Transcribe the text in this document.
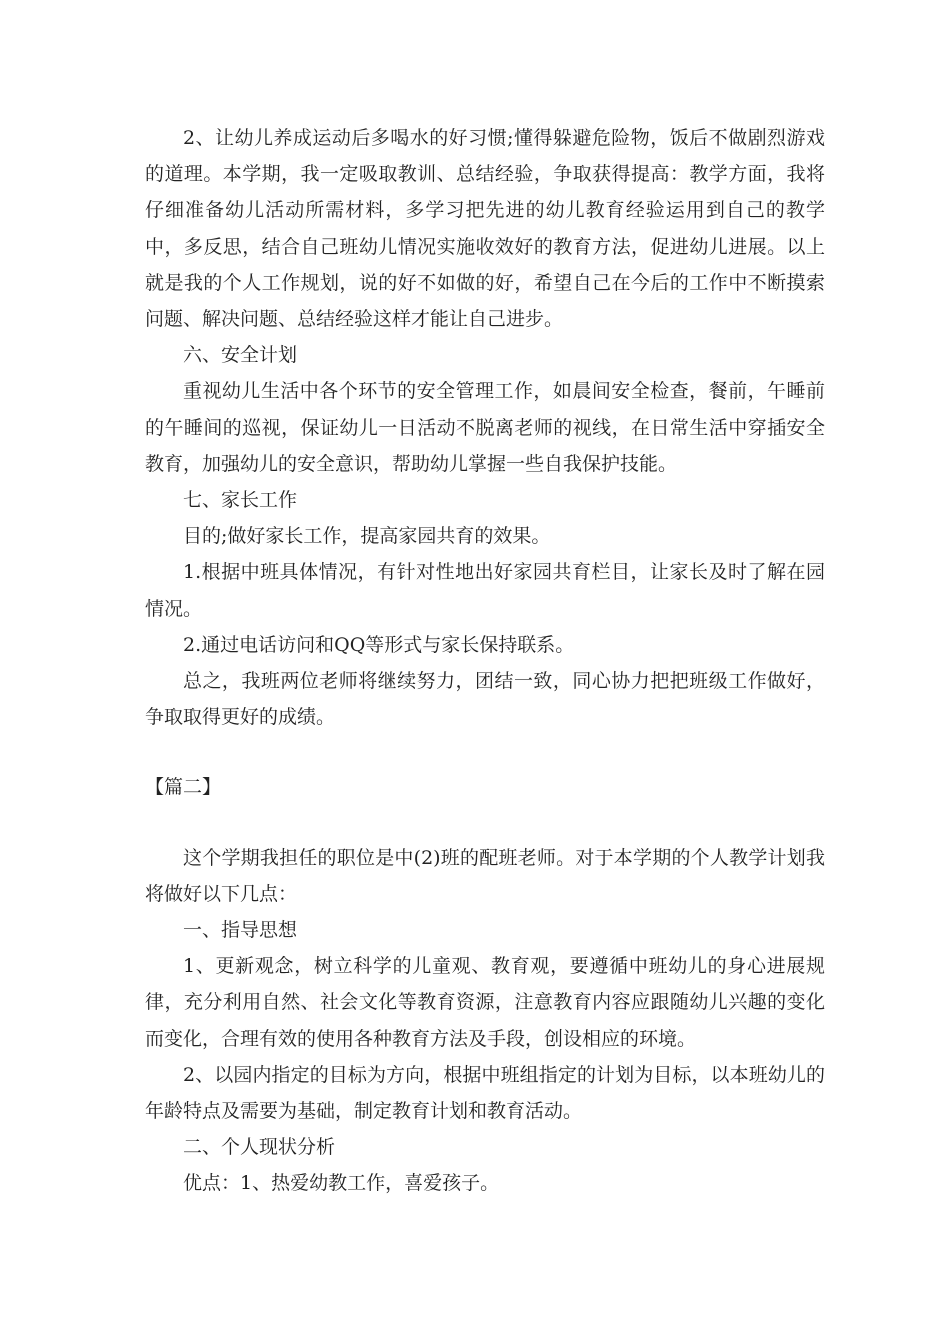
2、让幼儿养成运动后多喝水的好习惯;懂得躲避危险物，饭后不做剧烈游戏的道理。本学期，我一定吸取教训、总结经验，争取获得提高：教学方面，我将仔细准备幼儿活动所需材料，多学习把先进的幼儿教育经验运用到自己的教学中，多反思，结合自己班幼儿情况实施收效好的教育方法，促进幼儿进展。以上就是我的个人工作规划，说的好不如做的好，希望自己在今后的工作中不断摸索问题、解决问题、总结经验这样才能让自己进步。

六、安全计划

重视幼儿生活中各个环节的安全管理工作，如晨间安全检查，餐前，午睡前的午睡间的巡视，保证幼儿一日活动不脱离老师的视线，在日常生活中穿插安全教育，加强幼儿的安全意识，帮助幼儿掌握一些自我保护技能。

七、家长工作

目的;做好家长工作，提高家园共育的效果。

1.根据中班具体情况，有针对性地出好家园共育栏目，让家长及时了解在园情况。

2.通过电话访问和QQ等形式与家长保持联系。

总之，我班两位老师将继续努力，团结一致，同心协力把把班级工作做好，争取取得更好的成绩。

【篇二】

这个学期我担任的职位是中(2)班的配班老师。对于本学期的个人教学计划我将做好以下几点：

一、指导思想

1、更新观念，树立科学的儿童观、教育观，要遵循中班幼儿的身心进展规律，充分利用自然、社会文化等教育资源，注意教育内容应跟随幼儿兴趣的变化而变化，合理有效的使用各种教育方法及手段，创设相应的环境。

2、以园内指定的目标为方向，根据中班组指定的计划为目标，以本班幼儿的年龄特点及需要为基础，制定教育计划和教育活动。

二、个人现状分析

优点：1、热爱幼教工作，喜爱孩子。
